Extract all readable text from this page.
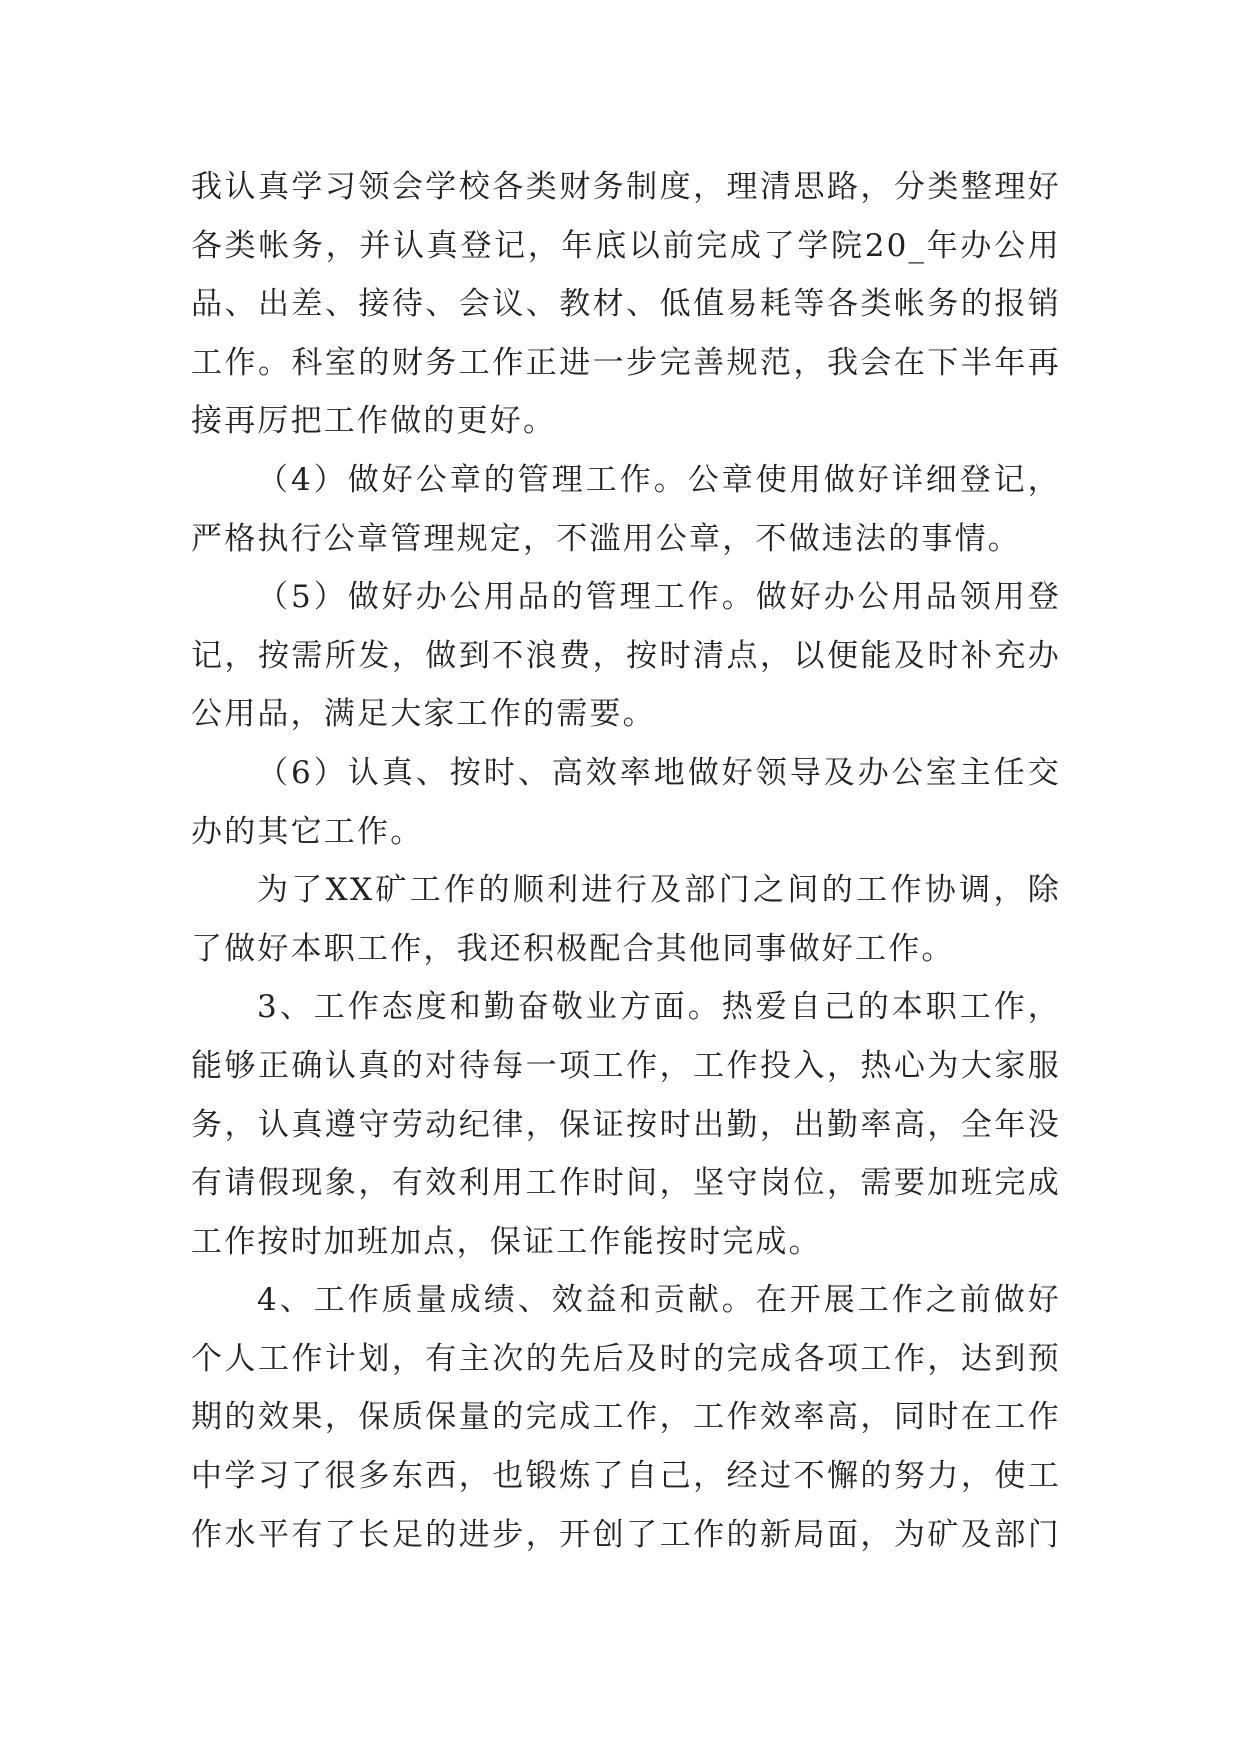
我认真学习领会学校各类财务制度，理清思路，分类整理好
各类帐务，并认真登记，年底以前完成了学院20_年办公用
品、出差、接待、会议、教材、低值易耗等各类帐务的报销
工作。科室的财务工作正进一步完善规范，我会在下半年再
接再厉把工作做的更好。

（4）做好公章的管理工作。公章使用做好详细登记，
严格执行公章管理规定，不滥用公章，不做违法的事情。

（5）做好办公用品的管理工作。做好办公用品领用登
记，按需所发，做到不浪费，按时清点，以便能及时补充办
公用品，满足大家工作的需要。

（6）认真、按时、高效率地做好领导及办公室主任交
办的其它工作。

为了XX矿工作的顺利进行及部门之间的工作协调，除
了做好本职工作，我还积极配合其他同事做好工作。

3、工作态度和勤奋敬业方面。热爱自己的本职工作，
能够正确认真的对待每一项工作，工作投入，热心为大家服
务，认真遵守劳动纪律，保证按时出勤，出勤率高，全年没
有请假现象，有效利用工作时间，坚守岗位，需要加班完成
工作按时加班加点，保证工作能按时完成。

4、工作质量成绩、效益和贡献。在开展工作之前做好
个人工作计划，有主次的先后及时的完成各项工作，达到预
期的效果，保质保量的完成工作，工作效率高，同时在工作
中学习了很多东西，也锻炼了自己，经过不懈的努力，使工
作水平有了长足的进步，开创了工作的新局面，为矿及部门
